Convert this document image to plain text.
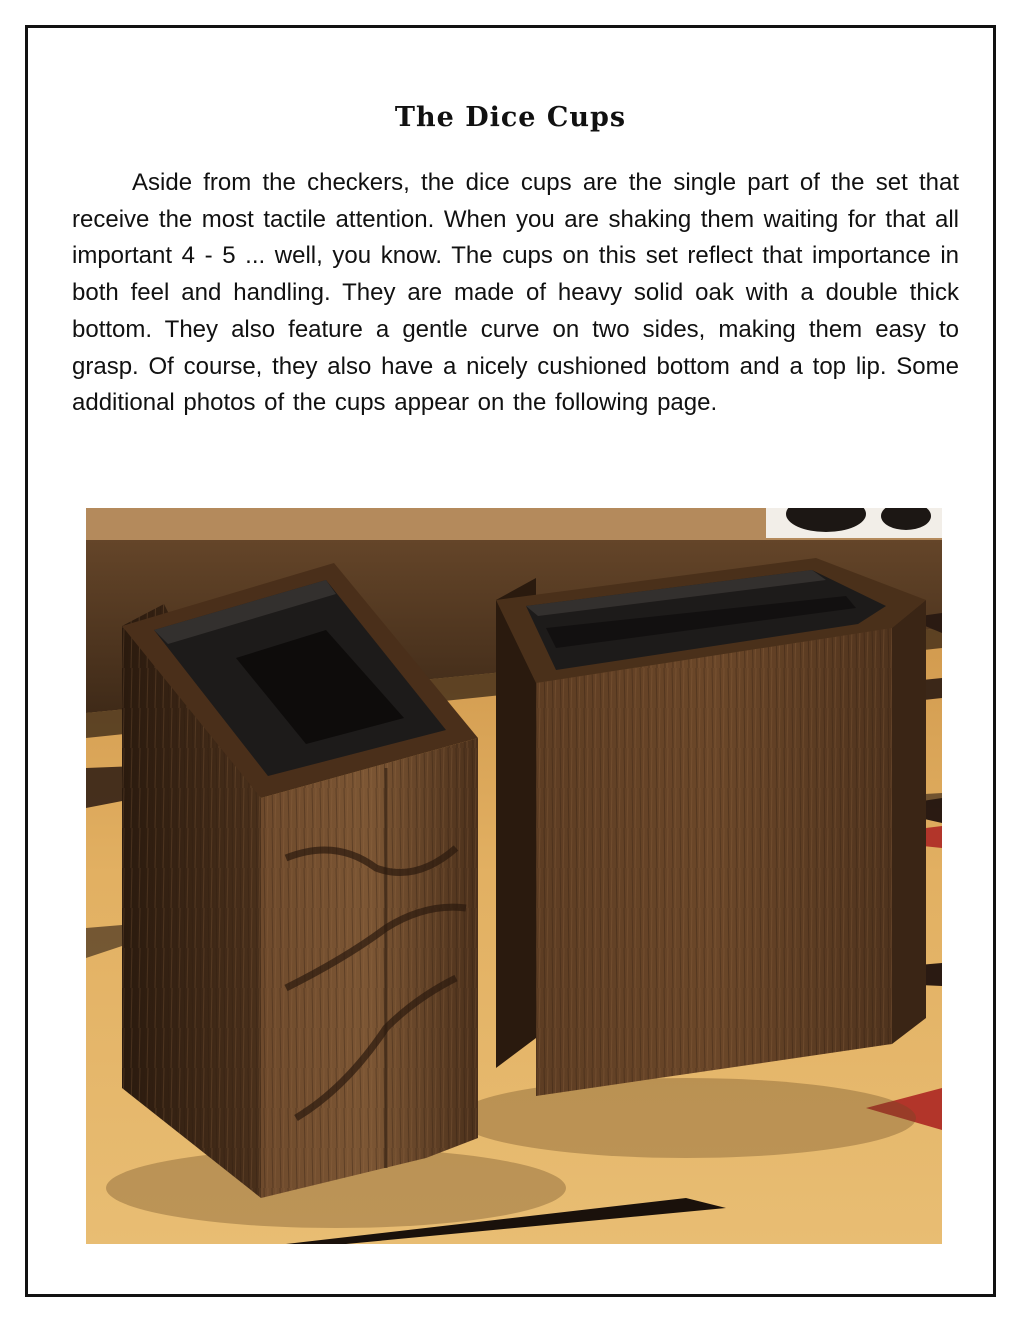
The Dice Cups

Aside from the checkers, the dice cups are the single part of the set that receive the most tactile attention. When you are shaking them waiting for that all important 4 - 5 ... well, you know. The cups on this set reflect that importance in both feel and handling. They are made of heavy solid oak with a double thick bottom. They also feature a gentle curve on two sides, making them easy to grasp. Of course, they also have a nicely cushioned bottom and a top lip. Some additional photos of the cups appear on the following page.
